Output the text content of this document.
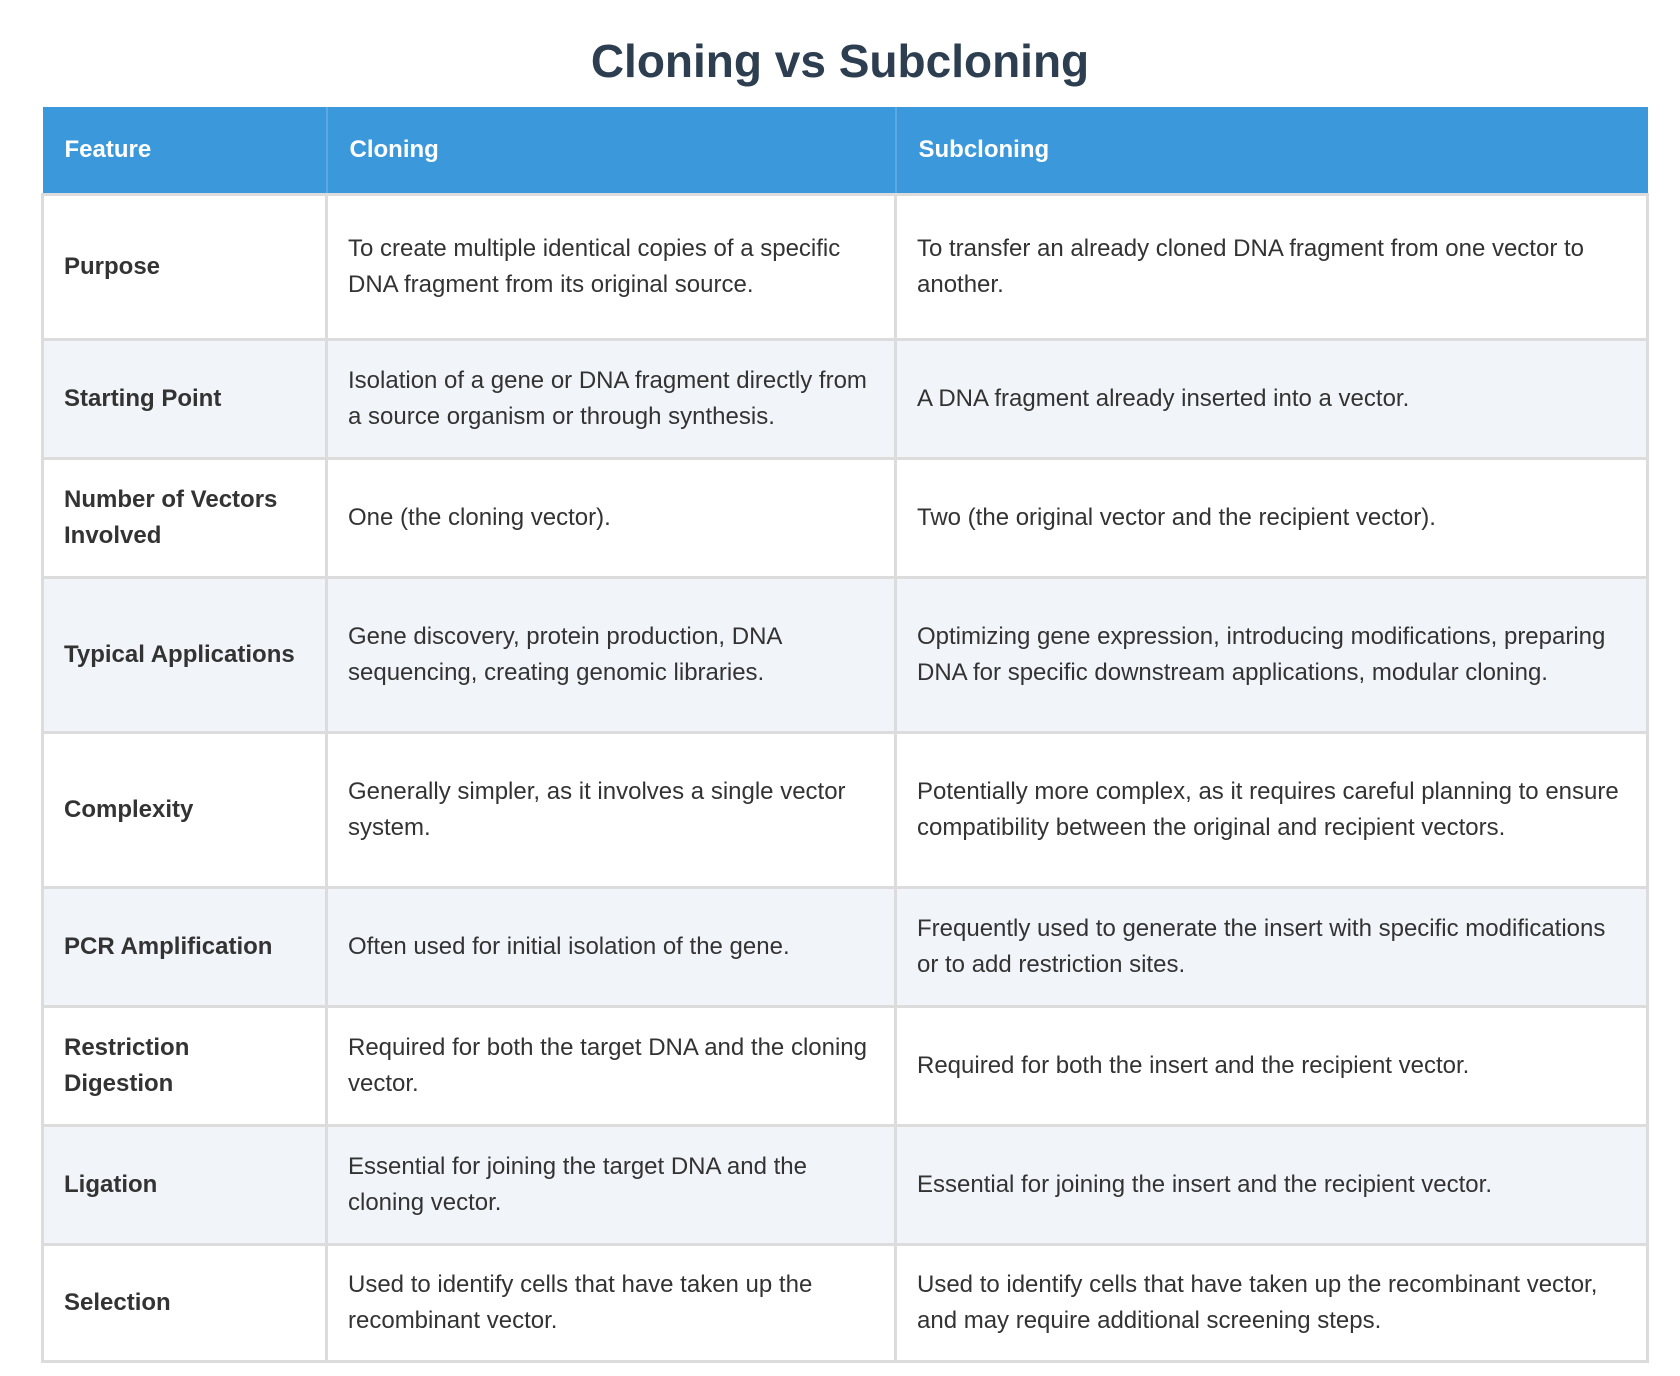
Cloning vs Subcloning
Feature	Cloning	Subcloning
Purpose	To create multiple identical copies of a specific DNA fragment from its original source.	To transfer an already cloned DNA fragment from one vector to another.
Starting Point	Isolation of a gene or DNA fragment directly from a source organism or through synthesis.	A DNA fragment already inserted into a vector.
Number of Vectors Involved	One (the cloning vector).	Two (the original vector and the recipient vector).
Typical Applications	Gene discovery, protein production, DNA sequencing, creating genomic libraries.	Optimizing gene expression, introducing modifications, preparing DNA for specific downstream applications, modular cloning.
Complexity	Generally simpler, as it involves a single vector system.	Potentially more complex, as it requires careful planning to ensure compatibility between the original and recipient vectors.
PCR Amplification	Often used for initial isolation of the gene.	Frequently used to generate the insert with specific modifications or to add restriction sites.
Restriction Digestion	Required for both the target DNA and the cloning vector.	Required for both the insert and the recipient vector.
Ligation	Essential for joining the target DNA and the cloning vector.	Essential for joining the insert and the recipient vector.
Selection	Used to identify cells that have taken up the recombinant vector.	Used to identify cells that have taken up the recombinant vector, and may require additional screening steps.
